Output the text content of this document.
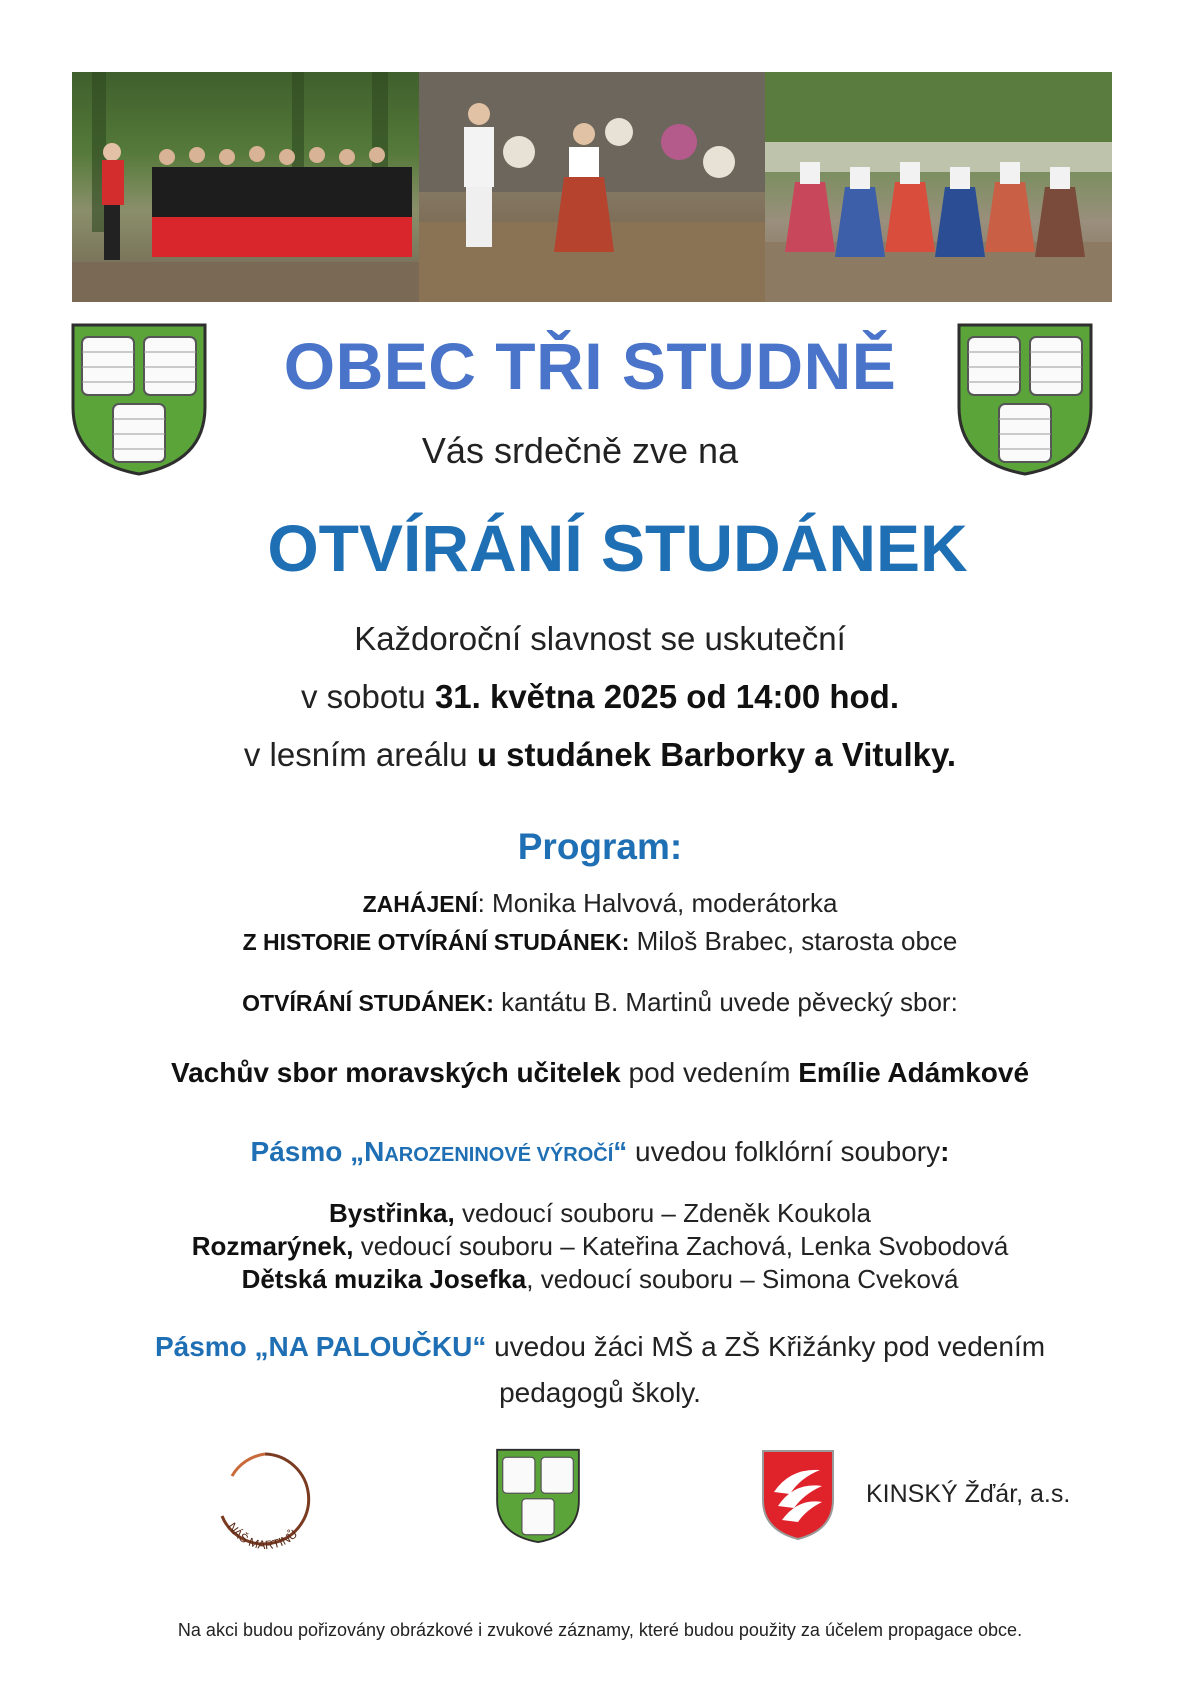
OBEC TŘI STUDNĚ
Vás srdečně zve na
OTVÍRÁNÍ STUDÁNEK
Každoroční slavnost se uskuteční
v sobotu 31. května 2025 od 14:00 hod.
v lesním areálu u studánek Barborky a Vitulky.
Program:
ZAHÁJENÍ: Monika Halvová, moderátorka
Z HISTORIE OTVÍRÁNÍ STUDÁNEK: Miloš Brabec, starosta obce
OTVÍRÁNÍ STUDÁNEK: kantátu B. Martinů uvede pěvecký sbor:
Vachův sbor moravských učitelek pod vedením Emílie Adámkové
Pásmo „NAROZENINOVÉ VÝROČÍ“ uvedou folklórní soubory:
Bystřinka, vedoucí souboru – Zdeněk Koukola
Rozmarýnek, vedoucí souboru – Kateřina Zachová, Lenka Svobodová
Dětská muzika Josefka, vedoucí souboru – Simona Cveková
Pásmo „NA PALOUČKU“ uvedou žáci MŠ a ZŠ Křižánky pod vedením
pedagogů školy.
NÁŠ MARTINŮ
KINSKÝ Žďár, a.s.
Na akci budou pořizovány obrázkové i zvukové záznamy, které budou použity za účelem propagace obce.
